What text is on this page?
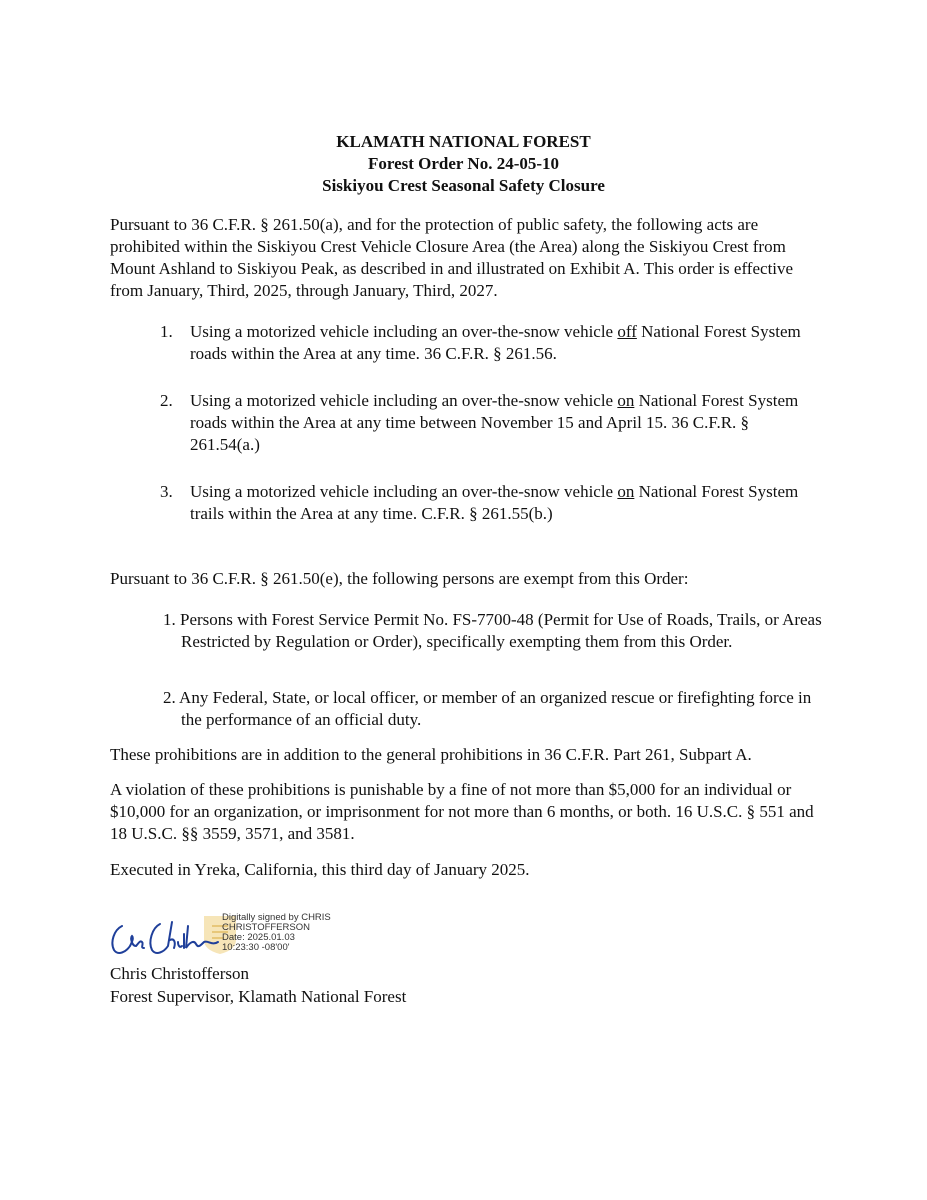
KLAMATH NATIONAL FOREST
Forest Order No. 24-05-10
Siskiyou Crest Seasonal Safety Closure

Pursuant to 36 C.F.R. § 261.50(a), and for the protection of public safety, the following acts are prohibited within the Siskiyou Crest Vehicle Closure Area (the Area) along the Siskiyou Crest from Mount Ashland to Siskiyou Peak, as described in and illustrated on Exhibit A. This order is effective from January, Third, 2025, through January, Third, 2027.

1.	Using a motorized vehicle including an over-the-snow vehicle off National Forest System roads within the Area at any time. 36 C.F.R. § 261.56.
2.	Using a motorized vehicle including an over-the-snow vehicle on National Forest System roads within the Area at any time between November 15 and April 15. 36 C.F.R. § 261.54(a.)
3.	Using a motorized vehicle including an over-the-snow vehicle on National Forest System trails within the Area at any time. C.F.R. § 261.55(b.)

Pursuant to 36 C.F.R. § 261.50(e), the following persons are exempt from this Order:

1. Persons with Forest Service Permit No. FS-7700-48 (Permit for Use of Roads, Trails, or Areas Restricted by Regulation or Order), specifically exempting them from this Order.
2. Any Federal, State, or local officer, or member of an organized rescue or firefighting force in the performance of an official duty.

These prohibitions are in addition to the general prohibitions in 36 C.F.R. Part 261, Subpart A.

A violation of these prohibitions is punishable by a fine of not more than $5,000 for an individual or $10,000 for an organization, or imprisonment for not more than 6 months, or both. 16 U.S.C. § 551 and 18 U.S.C. §§ 3559, 3571, and 3581.

Executed in Yreka, California, this third day of January 2025.

Digitally signed by CHRIS
CHRISTOFFERSON
Date: 2025.01.03
10:23:30 -08'00'

Chris Christofferson

Forest Supervisor, Klamath National Forest
